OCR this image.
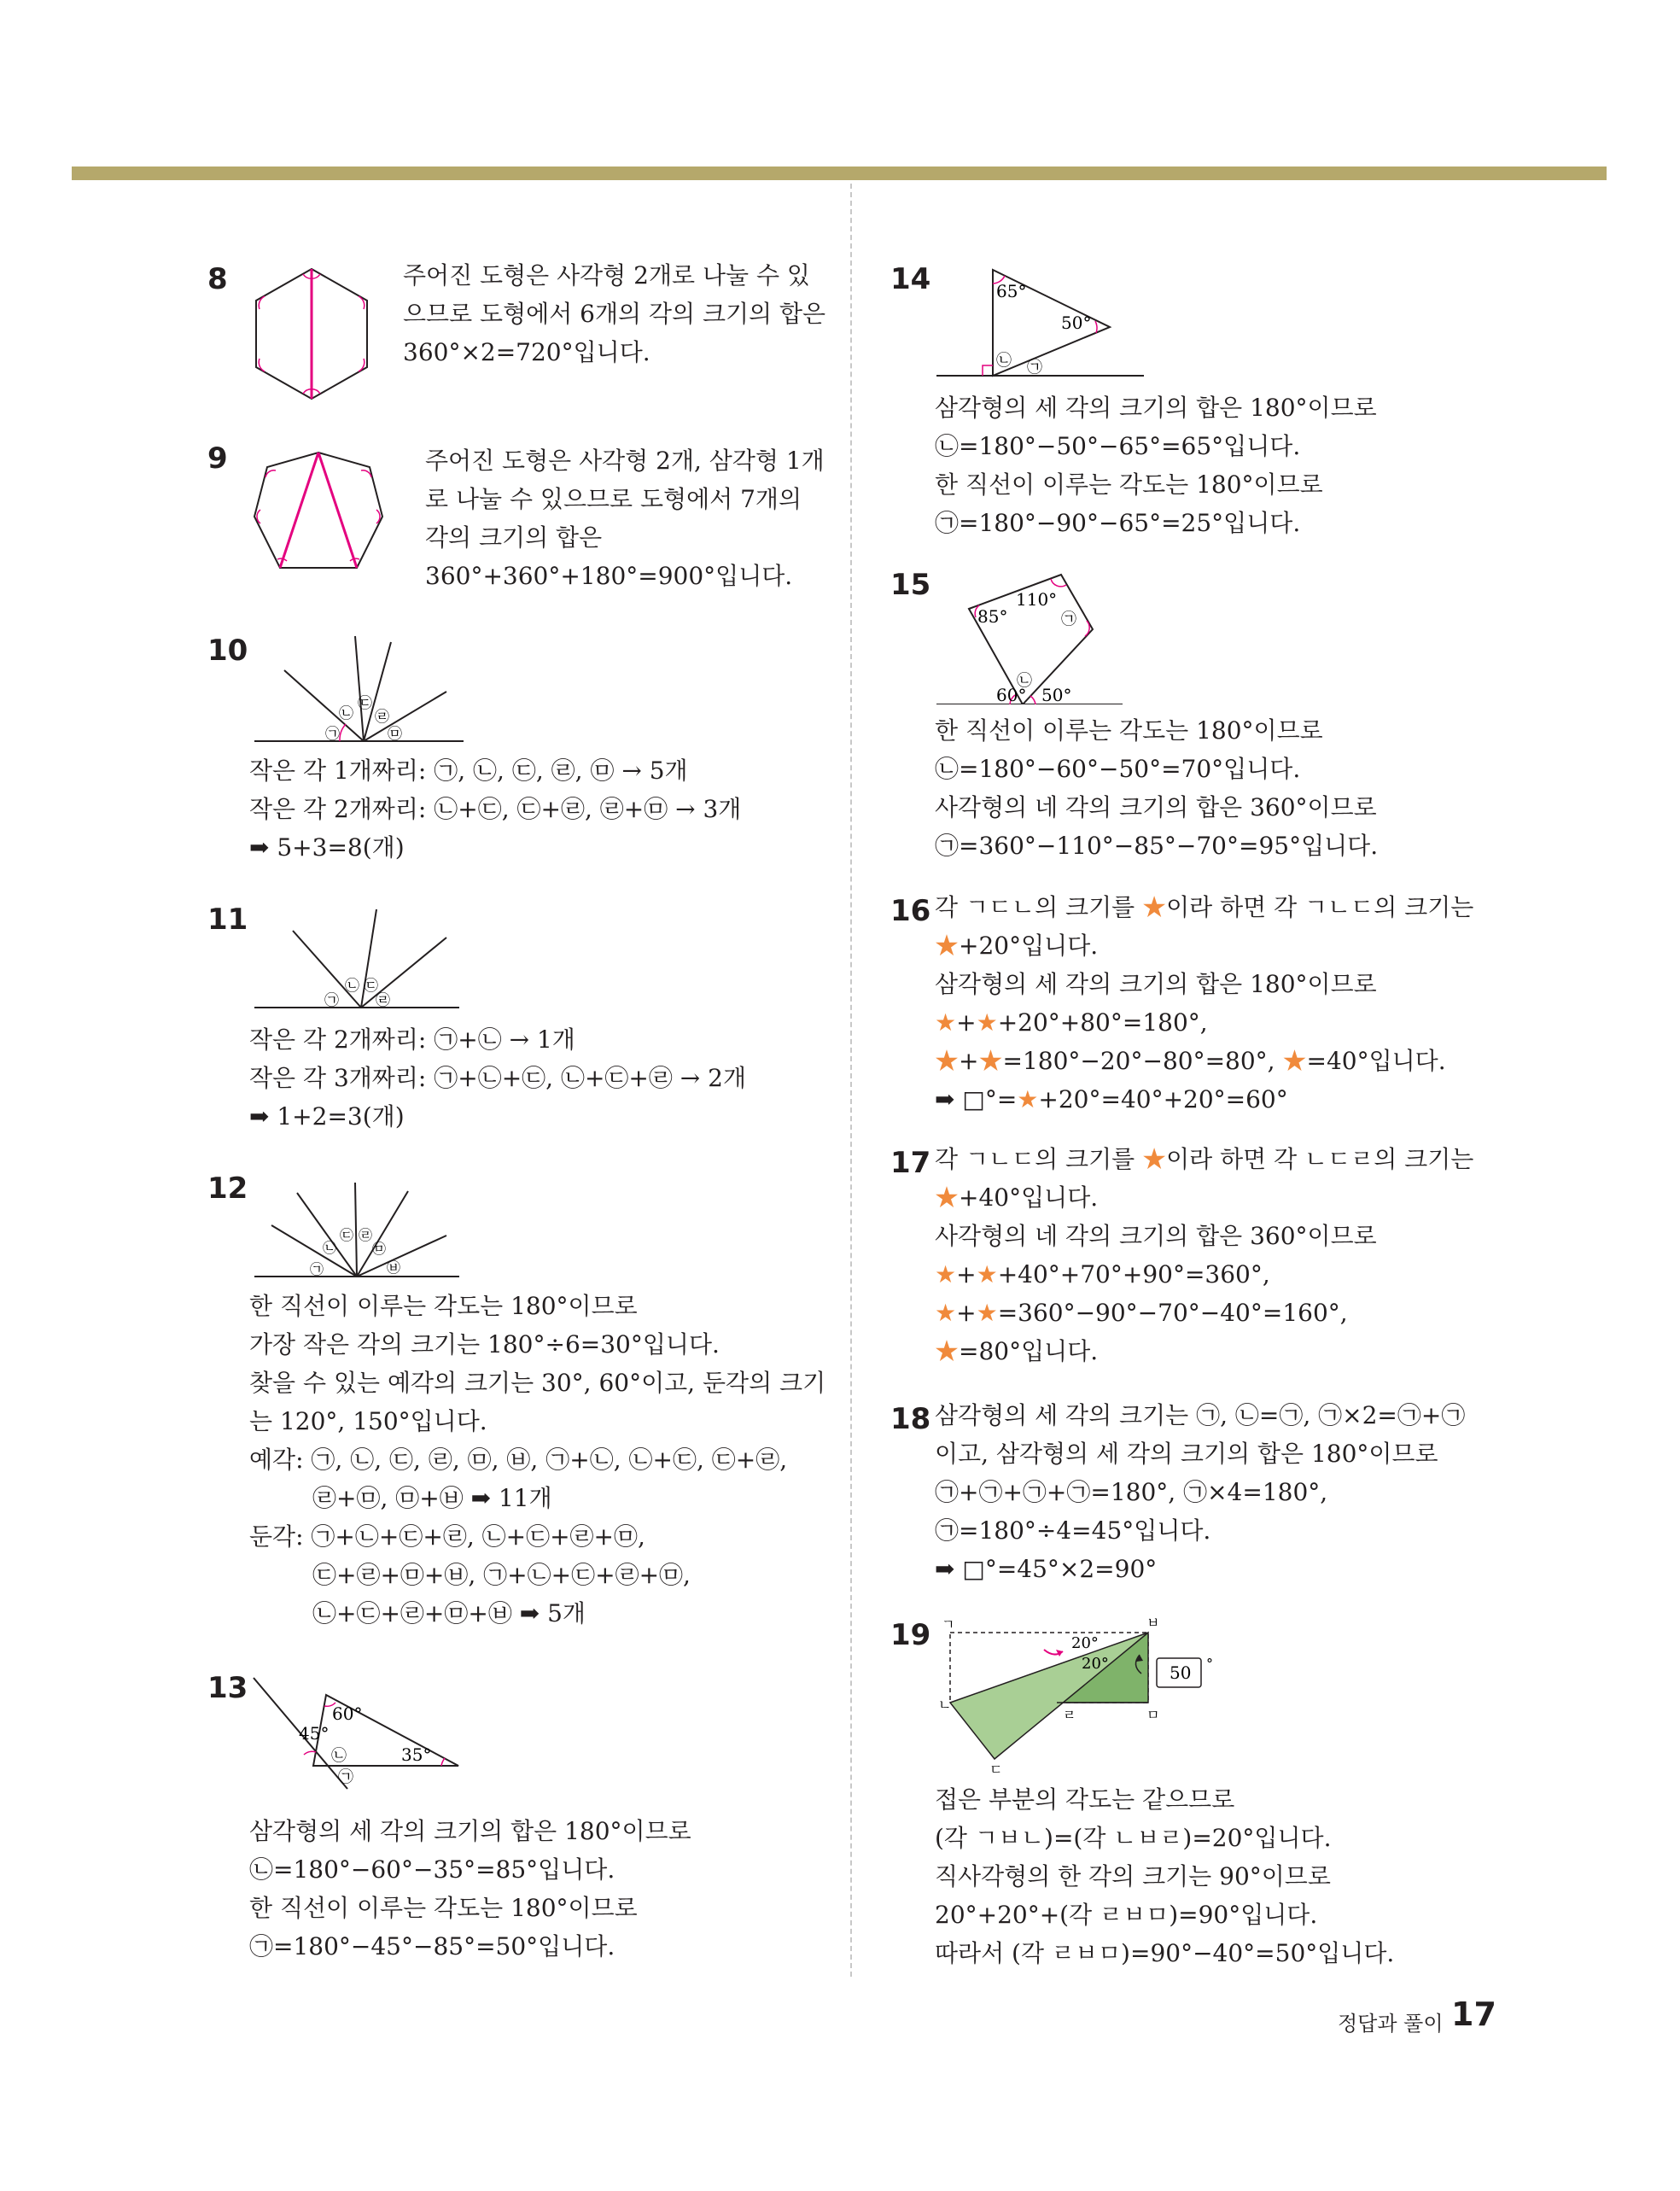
8	주어진 도형은 사각형 2개로 나눌 수 있
으므로 도형에서 6개의 각의 크기의 합은
360°×2=720°입니다.
9	주어진 도형은 사각형 2개, 삼각형 1개
로 나눌 수 있으므로 도형에서 7개의
각의 크기의 합은
360°+360°+180°=900°입니다.
10
㉠
㉡
㉢
㉣
㉤
작은 각 1개짜리: ㉠, ㉡, ㉢, ㉣, ㉤ → 5개
작은 각 2개짜리: ㉡+㉢, ㉢+㉣, ㉣+㉤ → 3개
➡ 5+3=8(개)
11
㉠
㉡ ㉢
㉣
작은 각 2개짜리: ㉠+㉡ → 1개
작은 각 3개짜리: ㉠+㉡+㉢, ㉡+㉢+㉣ → 2개
➡ 1+2=3(개)
12
㉠
㉡
㉢ ㉣
㉤
㉥
한 직선이 이루는 각도는 180°이므로
가장 작은 각의 크기는 180°÷6=30°입니다.
찾을 수 있는 예각의 크기는 30°, 60°이고, 둔각의 크기
는 120°, 150°입니다.
예각: ㉠, ㉡, ㉢, ㉣, ㉤, ㉥, ㉠+㉡, ㉡+㉢, ㉢+㉣,
㉣+㉤, ㉤+㉥ ➡ 11개
둔각: ㉠+㉡+㉢+㉣, ㉡+㉢+㉣+㉤,
㉢+㉣+㉤+㉥, ㉠+㉡+㉢+㉣+㉤,
㉡+㉢+㉣+㉤+㉥ ➡ 5개
13
60°
45°
35°
㉡
㉠
삼각형의 세 각의 크기의 합은 180°이므로
㉡=180°−60°−35°=85°입니다.
한 직선이 이루는 각도는 180°이므로
㉠=180°−45°−85°=50°입니다.
14	65°
50°
㉡ ㉠
삼각형의 세 각의 크기의 합은 180°이므로
㉡=180°−50°−65°=65°입니다.
한 직선이 이루는 각도는 180°이므로
㉠=180°−90°−65°=25°입니다.
15
85°
110°
60° 50°
㉠
㉡
한 직선이 이루는 각도는 180°이므로
㉡=180°−60°−50°=70°입니다.
사각형의 네 각의 크기의 합은 360°이므로
㉠=360°−110°−85°−70°=95°입니다.
16 각 ㄱㄷㄴ의 크기를 ★이라 하면 각 ㄱㄴㄷ의 크기는
★+20°입니다.
삼각형의 세 각의 크기의 합은 180°이므로
★+★+20°+80°=180°,
★+★=180°−20°−80°=80°, ★=40°입니다.
➡ □°=★+20°=40°+20°=60°
17 각 ㄱㄴㄷ의 크기를 ★이라 하면 각 ㄴㄷㄹ의 크기는
★+40°입니다.
사각형의 네 각의 크기의 합은 360°이므로
★+★+40°+70°+90°=360°,
★+★=360°−90°−70°−40°=160°,
★=80°입니다.
18 삼각형의 세 각의 크기는 ㉠, ㉡=㉠, ㉠×2=㉠+㉠
이고, 삼각형의 세 각의 크기의 합은 180°이므로
㉠+㉠+㉠+㉠=180°, ㉠×4=180°,
㉠=180°÷4=45°입니다.
➡ □°=45°×2=90°
19	20°
20°	50 °
ㄱ	ㅂ
ㄴ
ㄹ	ㅁ
ㄷ
접은 부분의 각도는 같으므로
(각 ㄱㅂㄴ)=(각 ㄴㅂㄹ)=20°입니다.
직사각형의 한 각의 크기는 90°이므로
20°+20°+(각 ㄹㅂㅁ)=90°입니다.
따라서 (각 ㄹㅂㅁ)=90°−40°=50°입니다.
정답과 풀이 17
